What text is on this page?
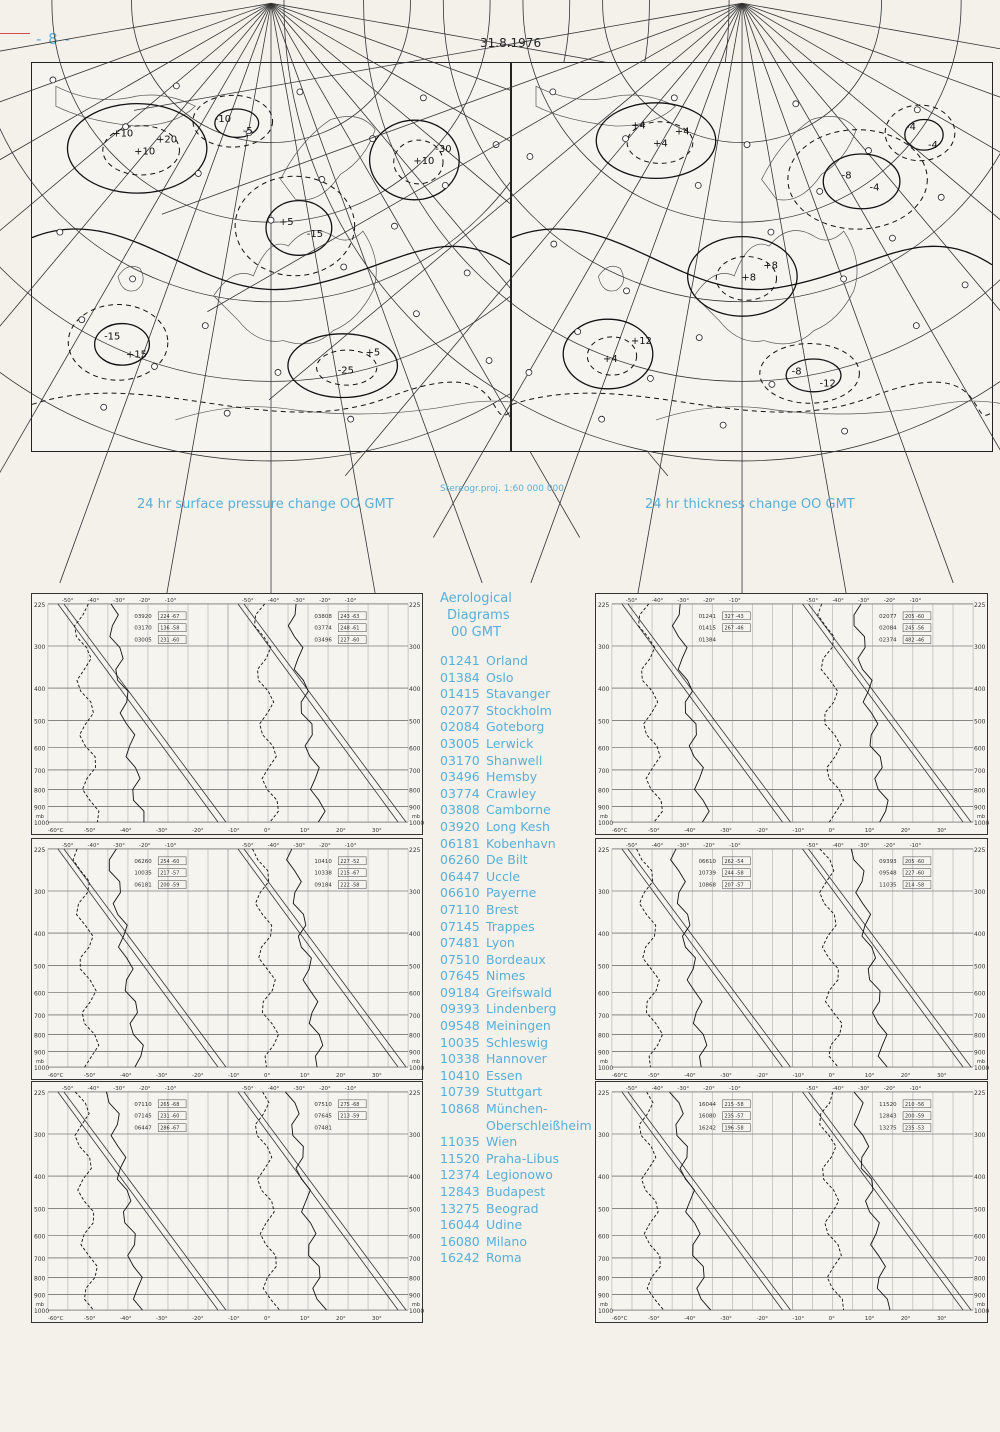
- 8 -	31.8.1976
+10
-15
+10
-15
+5
-5
+10
+5
-30
+15
-25
-10
+20
+4
-4
+8
-4
+12
-12
+4
-8
+8
-4
+4
-8
+4
Stereogr.proj. 1:60 000 000
24 hr surface pressure change OO GMT	24 hr thickness change OO GMT
225	225
300	300
400	400
500	500
600	600
700	700
800	800
900	900
1000	1000
mb	mb
-50°	-40°	-30°	-20°	-10°	-50°	-40°	-30°	-20°	-10°
-60°C	-50°	-40°	-30°	-20°	-10°	0°	10°	20°	30°
03920 224 -67
03170 136 -58
03005 231 -60
03808 243 -63
03774 248 -61
03496 227 -60
225	225
300	300
400	400
500	500
600	600
700	700
800	800
900	900
1000	1000
mb	mb
-50°	-40°	-30°	-20°	-10°	-50°	-40°	-30°	-20°	-10°
-60°C	-50°	-40°	-30°	-20°	-10°	0°	10°	20°	30°
01241 327 -43
01415 267 -46
01384
02077 205 -60
02084 245 -56
02374 482 -46
225	225
300	300
400	400
500	500
600	600
700	700
800	800
900	900
1000	1000
mb	mb
-50°	-40°	-30°	-20°	-10°	-50°	-40°	-30°	-20°	-10°
-60°C	-50°	-40°	-30°	-20°	-10°	0°	10°	20°	30°
06260 254 -60
10035 217 -57
06181 200 -59
10410 227 -52
10338 215 -67
09184 222 -58
225	225
300	300
400	400
500	500
600	600
700	700
800	800
900	900
1000	1000
mb	mb
-50°	-40°	-30°	-20°	-10°	-50°	-40°	-30°	-20°	-10°
-60°C	-50°	-40°	-30°	-20°	-10°	0°	10°	20°	30°
06610 262 -54
10739 244 -58
10868 207 -57
09393 205 -60
09548 227 -60
11035 214 -58
225	225
300	300
400	400
500	500
600	600
700	700
800	800
900	900
1000	1000
mb	mb
-50°	-40°	-30°	-20°	-10°	-50°	-40°	-30°	-20°	-10°
-60°C	-50°	-40°	-30°	-20°	-10°	0°	10°	20°	30°
07110 265 -68
07145 231 -60
06447 286 -67
07510 275 -68
07645 213 -59
07481
225	225
300	300
400	400
500	500
600	600
700	700
800	800
900	900
1000	1000
mb	mb
-50°	-40°	-30°	-20°	-10°	-50°	-40°	-30°	-20°	-10°
-60°C	-50°	-40°	-30°	-20°	-10°	0°	10°	20°	30°
16044 215 -58
16080 235 -57
16242 196 -58
11520 210 -56
12843 200 -59
13275 235 -53
Aerological
Diagrams
00 GMT
01241 Orland
01384 Oslo
01415 Stavanger
02077 Stockholm
02084 Goteborg
03005 Lerwick
03170 Shanwell
03496 Hemsby
03774 Crawley
03808 Camborne
03920 Long Kesh
06181 Kobenhavn
06260 De Bilt
06447 Uccle
06610 Payerne
07110 Brest
07145 Trappes
07481 Lyon
07510 Bordeaux
07645 Nimes
09184 Greifswald
09393 Lindenberg
09548 Meiningen
10035 Schleswig
10338 Hannover
10410 Essen
10739 Stuttgart
10868 München-
Oberschleißheim
11035 Wien
11520 Praha-Libus
12374 Legionowo
12843 Budapest
13275 Beograd
16044 Udine
16080 Milano
16242 Roma
